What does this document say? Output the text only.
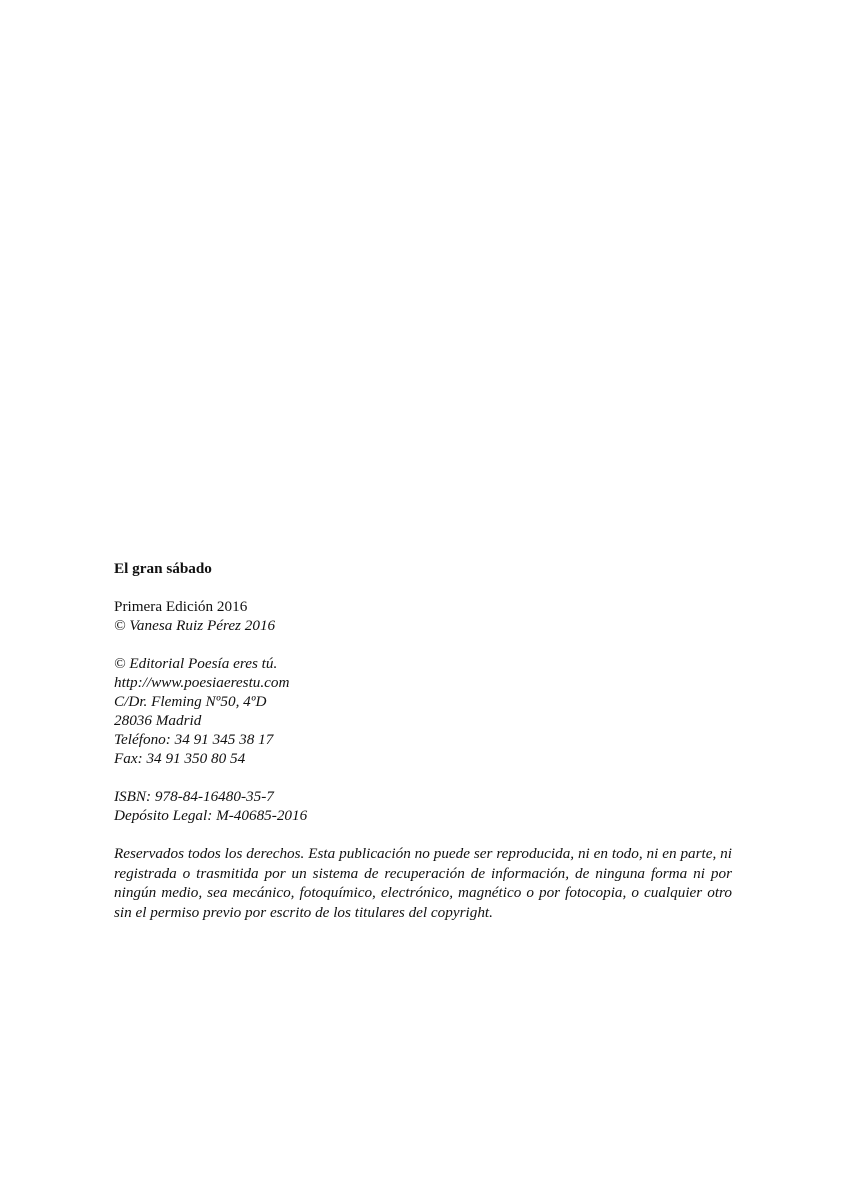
El gran sábado

Primera Edición 2016
© Vanesa Ruiz Pérez 2016
© Editorial Poesía eres tú.
http://www.poesiaerestu.com
C/Dr. Fleming Nº50, 4ºD
28036 Madrid
Teléfono: 34 91 345 38 17
Fax: 34 91 350 80 54
ISBN: 978-84-16480-35-7
Depósito Legal: M-40685-2016

Reservados todos los derechos. Esta publicación no puede ser reproducida, ni en todo, ni en parte, ni registrada o trasmitida por un sistema de recuperación de información, de ninguna forma ni por ningún medio, sea mecánico, fotoquímico, electrónico, magnético o por fotocopia, o cualquier otro sin el permiso previo por escrito de los titulares del copyright.
